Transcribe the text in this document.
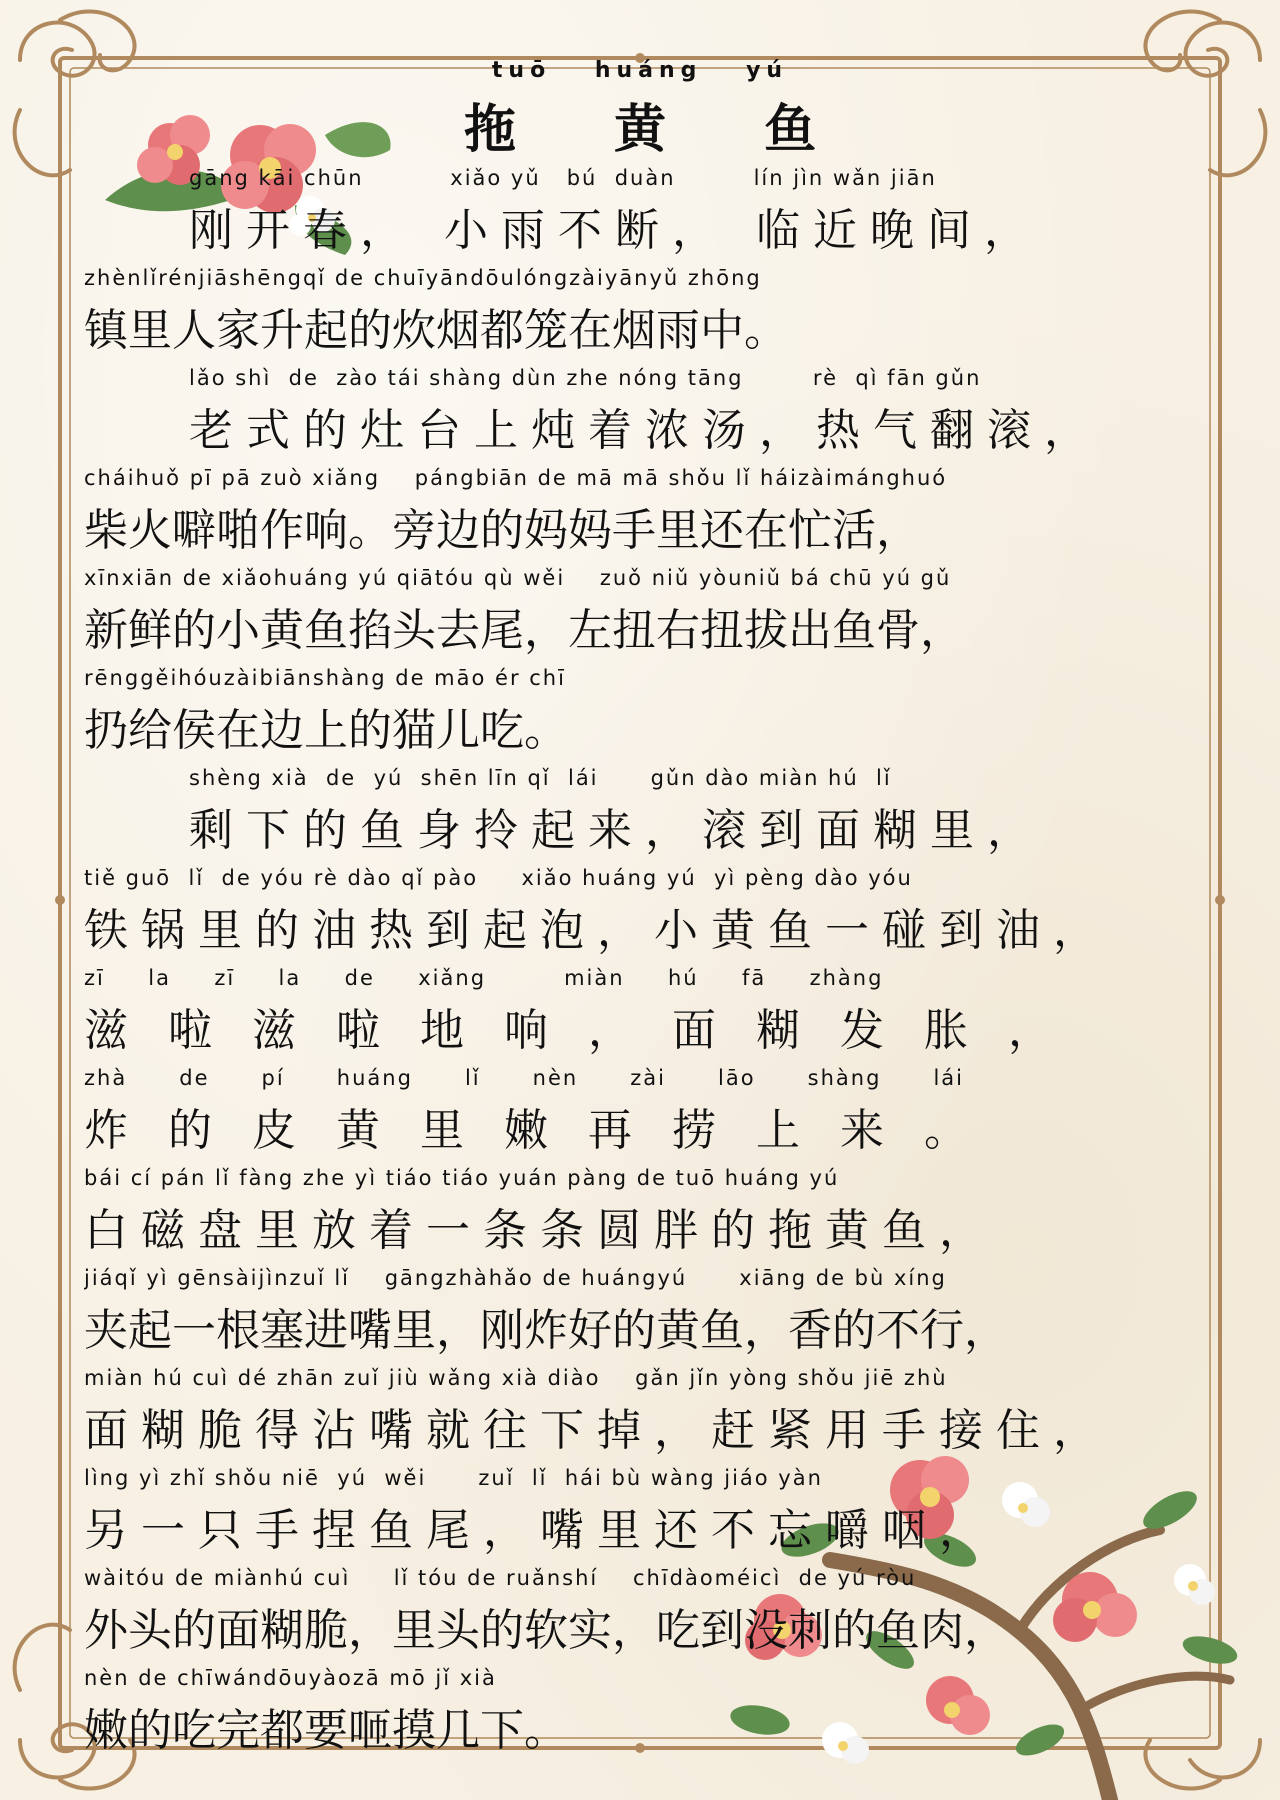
tuō huáng yú
拖 黄 鱼
gāng kāi chūn          xiǎo yǔ   bú  duàn         lín jìn wǎn jiān
刚开春， 小雨不断， 临近晚间，
zhènlǐrénjiāshēngqǐ de chuīyāndōulóngzàiyānyǔ zhōng
镇里人家升起的炊烟都笼在烟雨中。
lǎo shì  de  zào tái shàng dùn zhe nóng tāng        rè  qì fān gǔn
老式的灶台上炖着浓汤，热气翻滚，
cháihuǒ pī pā zuò xiǎng    pángbiān de mā mā shǒu lǐ háizàimánghuó
柴火噼啪作响。旁边的妈妈手里还在忙活，
xīnxiān de xiǎohuáng yú qiātóu qù wěi    zuǒ niǔ yòuniǔ bá chū yú gǔ
新鲜的小黄鱼掐头去尾，左扭右扭拔出鱼骨，
rēnggěihóuzàibiānshàng de māo ér chī
扔给侯在边上的猫儿吃。
shèng xià  de  yú  shēn līn qǐ  lái      gǔn dào miàn hú  lǐ
剩下的鱼身拎起来，滚到面糊里，
tiě guō  lǐ  de yóu rè dào qǐ pào     xiǎo huáng yú  yì pèng dào yóu
铁锅里的油热到起泡，小黄鱼一碰到油，
zī     la     zī     la     de     xiǎng         miàn     hú     fā     zhàng
滋啦滋啦地响，面糊发胀，
zhà      de      pí      huáng      lǐ      nèn      zài      lāo      shàng      lái
炸的皮黄里嫩再捞上来。
bái cí pán lǐ fàng zhe yì tiáo tiáo yuán pàng de tuō huáng yú
白磁盘里放着一条条圆胖的拖黄鱼，
jiáqǐ yì gēnsàijìnzuǐ lǐ    gāngzhàhǎo de huángyú      xiāng de bù xíng
夹起一根塞进嘴里，刚炸好的黄鱼，香的不行，
miàn hú cuì dé zhān zuǐ jiù wǎng xià diào    gǎn jǐn yòng shǒu jiē zhù
面糊脆得沾嘴就往下掉，赶紧用手接住，
lìng yì zhǐ shǒu niē  yú  wěi      zuǐ  lǐ  hái bù wàng jiáo yàn
另一只手捏鱼尾，嘴里还不忘嚼咽，
wàitóu de miànhú cuì     lǐ tóu de ruǎnshí    chīdàoméicì  de yú ròu
外头的面糊脆，里头的软实，吃到没刺的鱼肉，
nèn de chīwándōuyàozā mō jǐ xià
嫩的吃完都要咂摸几下。
